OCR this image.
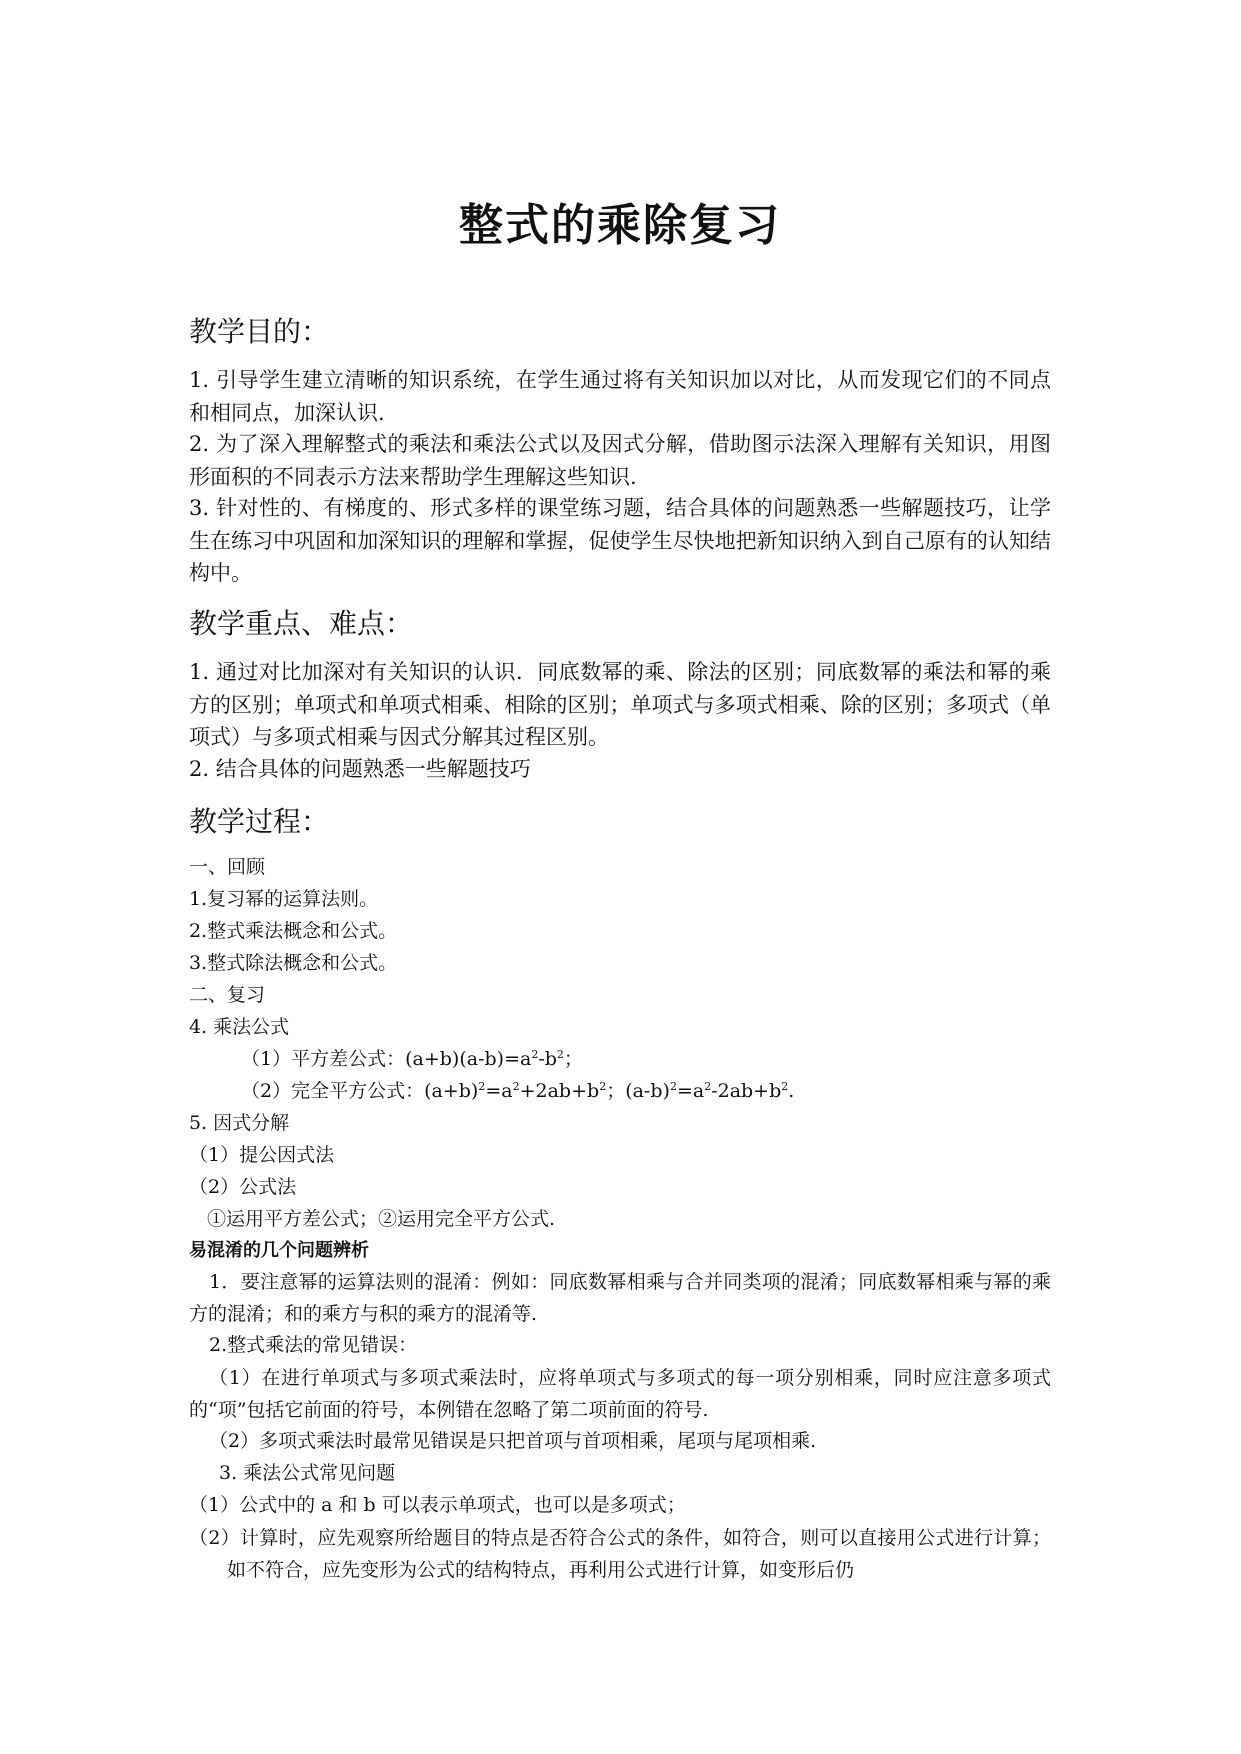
整式的乘除复习
教学目的：
1. 引导学生建立清晰的知识系统，在学生通过将有关知识加以对比，从而发现它们的不同点和相同点，加深认识.
2. 为了深入理解整式的乘法和乘法公式以及因式分解，借助图示法深入理解有关知识，用图形面积的不同表示方法来帮助学生理解这些知识.
3. 针对性的、有梯度的、形式多样的课堂练习题，结合具体的问题熟悉一些解题技巧，让学生在练习中巩固和加深知识的理解和掌握，促使学生尽快地把新知识纳入到自己原有的认知结构中。
教学重点、难点：
1. 通过对比加深对有关知识的认识．同底数幂的乘、除法的区别；同底数幂的乘法和幂的乘方的区别；单项式和单项式相乘、相除的区别；单项式与多项式相乘、除的区别；多项式（单项式）与多项式相乘与因式分解其过程区别。
2. 结合具体的问题熟悉一些解题技巧
教学过程：
一、回顾
1.复习幂的运算法则。
2.整式乘法概念和公式。
3.整式除法概念和公式。
二、复习
4. 乘法公式
（1）平方差公式：$(a+b)(a-b)=a^2-b^2$；
（2）完全平方公式：$(a+b)^2=a^2+2ab+b^2$；$(a-b)^2=a^2-2ab+b^2$.
5. 因式分解
（1）提公因式法
（2）公式法
①运用平方差公式；②运用完全平方公式.
易混淆的几个问题辨析
1．要注意幂的运算法则的混淆：例如：同底数幂相乘与合并同类项的混淆；同底数幂相乘与幂的乘方的混淆；和的乘方与积的乘方的混淆等.
2.整式乘法的常见错误：
（1）在进行单项式与多项式乘法时，应将单项式与多项式的每一项分别相乘，同时应注意多项式的“项”包括它前面的符号，本例错在忽略了第二项前面的符号.
（2）多项式乘法时最常见错误是只把首项与首项相乘，尾项与尾项相乘.
3. 乘法公式常见问题
（1）公式中的 a 和 b 可以表示单项式，也可以是多项式；
（2）计算时，应先观察所给题目的特点是否符合公式的条件，如符合，则可以直接用公式进行计算；如不符合，应先变形为公式的结构特点，再利用公式进行计算，如变形后仍
